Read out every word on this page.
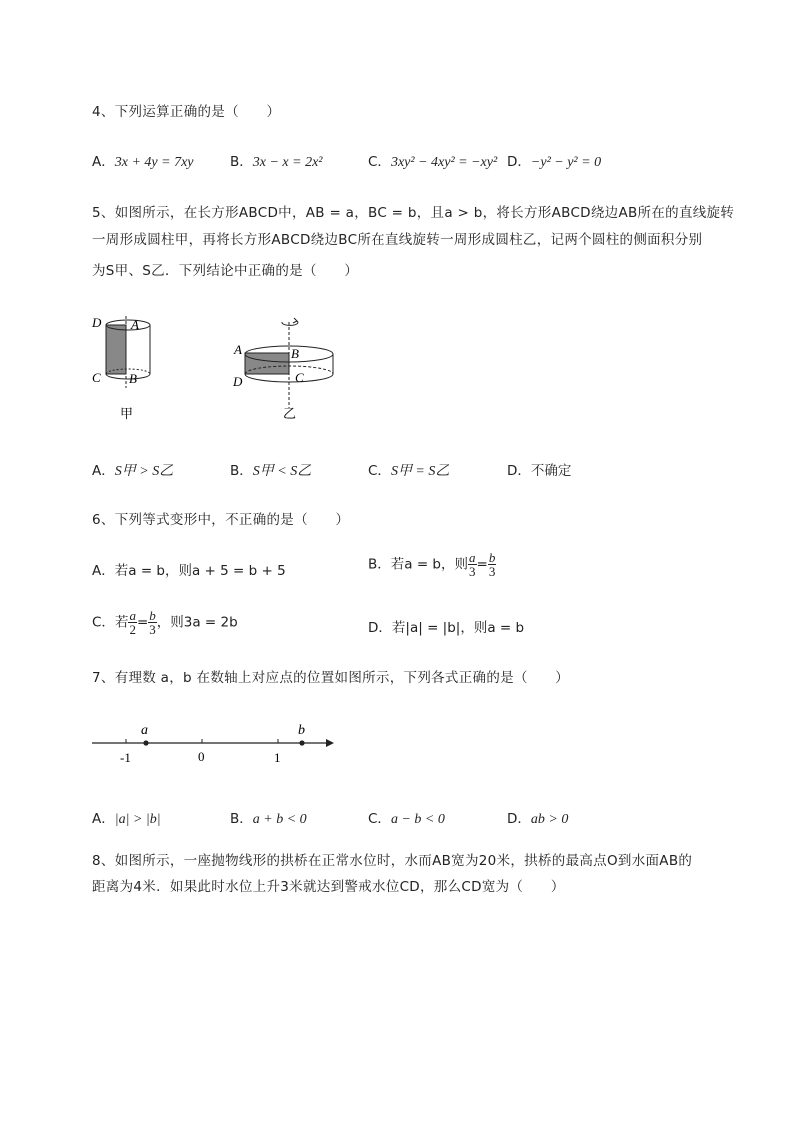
4、下列运算正确的是（　　）
A．3x + 4y = 7xy	B．3x − x = 2x²	C．3xy² − 4xy² = −xy² D．−y² − y² = 0
5、如图所示，在长方形ABCD中，AB = a，BC = b，且a > b，将长方形ABCD绕边AB所在的直线旋转
一周形成圆柱甲，再将长方形ABCD绕边BC所在直线旋转一周形成圆柱乙，记两个圆柱的侧面积分别
为S甲、S乙．下列结论中正确的是（　　）
D A
C B
甲
A	B
D	C
乙
A．S甲 > S乙	B．S甲 < S乙	C．S甲 = S乙	D．不确定
6、下列等式变形中，不正确的是（　　）
A．若a = b，则a + 5 = b + 5	B．若a = b，则 $\frac{a}{3} = \frac{b}{3}$
C．若 $\frac{a}{2} = \frac{b}{3}$ ，则3a = 2b	D．若|a| = |b|，则a = b
7、有理数 a，b 在数轴上对应点的位置如图所示，下列各式正确的是（　　）
a	b
-1	0	1
A．|a| > |b|	B．a + b < 0	C．a − b < 0	D．ab > 0
8、如图所示，一座抛物线形的拱桥在正常水位时，水而AB宽为20米，拱桥的最高点O到水面AB的
距离为4米．如果此时水位上升3米就达到警戒水位CD，那么CD宽为（　　）
